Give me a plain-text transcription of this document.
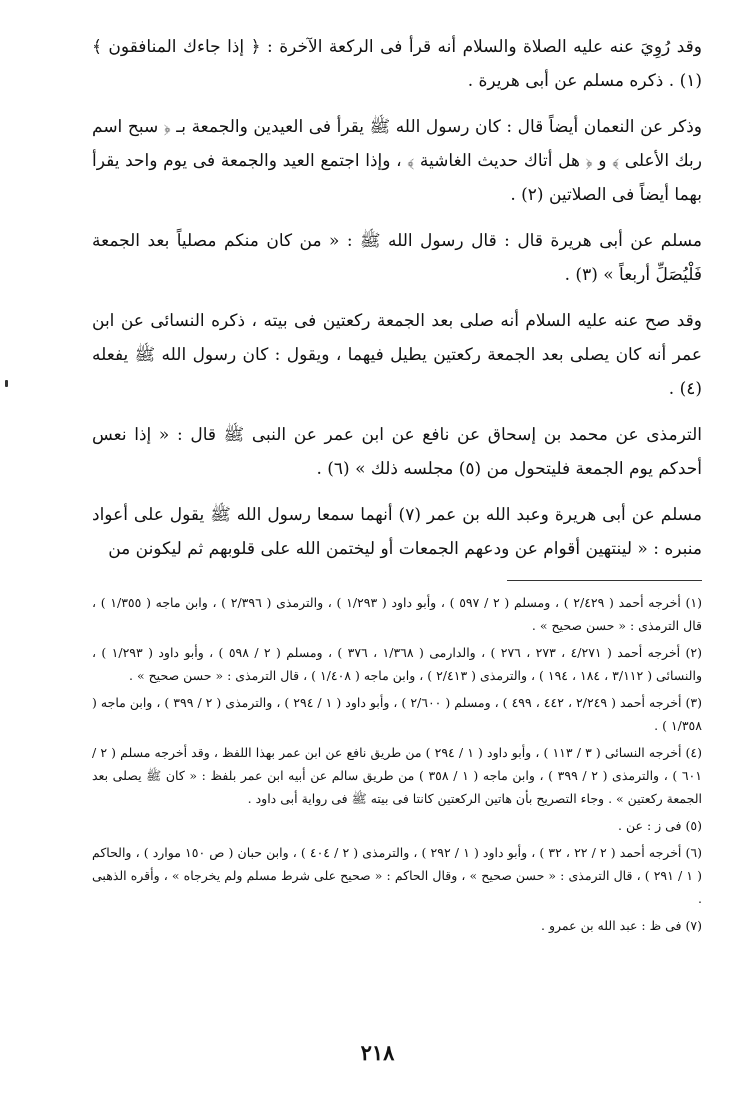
وقد رُوِيَ عنه عليه الصلاة والسلام أنه قرأ فى الركعة الآخرة : ﴿ إذا جاءك المنافقون ﴾ (١) . ذكره مسلم عن أبى هريرة .

وذكر عن النعمان أيضاً قال : كان رسول الله ﷺ يقرأ فى العيدين والجمعة بـ ﴿ سبح اسم ربك الأعلى ﴾ و ﴿ هل أتاك حديث الغاشية ﴾ ، وإذا اجتمع العيد والجمعة فى يوم واحد يقرأ بهما أيضاً فى الصلاتين (٢) .

مسلم عن أبى هريرة قال : قال رسول الله ﷺ : « من كان منكم مصلياً بعد الجمعة فَلْيُصَلِّ أربعاً » (٣) .

وقد صح عنه عليه السلام أنه صلى بعد الجمعة ركعتين فى بيته ، ذكره النسائى عن ابن عمر أنه كان يصلى بعد الجمعة ركعتين يطيل فيهما ، ويقول : كان رسول الله ﷺ يفعله (٤) .

الترمذى عن محمد بن إسحاق عن نافع عن ابن عمر عن النبى ﷺ قال : « إذا نعس أحدكم يوم الجمعة فليتحول من (٥) مجلسه ذلك » (٦) .

مسلم عن أبى هريرة وعبد الله بن عمر (٧) أنهما سمعا رسول الله ﷺ يقول على أعواد منبره : « لينتهين أقوام عن ودعهم الجمعات أو ليختمن الله على قلوبهم ثم ليكونن من

(١) أخرجه أحمد ( ٢/٤٢٩ ) ، ومسلم ( ٢ / ٥٩٧ ) ، وأبو داود ( ١/٢٩٣ ) ، والترمذى ( ٢/٣٩٦ ) ، وابن ماجه ( ١/٣٥٥ ) ، قال الترمذى : « حسن صحيح » .

(٢) أخرجه أحمد ( ٤/٢٧١ ، ٢٧٣ ، ٢٧٦ ) ، والدارمى ( ١/٣٦٨ ، ٣٧٦ ) ، ومسلم ( ٢ / ٥٩٨ ) ، وأبو داود ( ١/٢٩٣ ) ، والنسائى ( ٣/١١٢ ، ١٨٤ ، ١٩٤ ) ، والترمذى ( ٢/٤١٣ ) ، وابن ماجه ( ١/٤٠٨ ) ، قال الترمذى : « حسن صحيح » .

(٣) أخرجه أحمد ( ٢/٢٤٩ ، ٤٤٢ ، ٤٩٩ ) ، ومسلم ( ٢/٦٠٠ ) ، وأبو داود ( ١ / ٢٩٤ ) ، والترمذى ( ٢ / ٣٩٩ ) ، وابن ماجه ( ١/٣٥٨ ) .

(٤) أخرجه النسائى ( ٣ / ١١٣ ) ، وأبو داود ( ١ / ٢٩٤ ) من طريق نافع عن ابن عمر بهذا اللفظ ، وقد أخرجه مسلم ( ٢ / ٦٠١ ) ، والترمذى ( ٢ / ٣٩٩ ) ، وابن ماجه ( ١ / ٣٥٨ ) من طريق سالم عن أبيه ابن عمر بلفظ : « كان ﷺ يصلى بعد الجمعة ركعتين » . وجاء التصريح بأن هاتين الركعتين كانتا فى بيته ﷺ فى رواية أبى داود .

(٥) فى ز : عن .

(٦) أخرجه أحمد ( ٢ / ٢٢ ، ٣٢ ) ، وأبو داود ( ١ / ٢٩٢ ) ، والترمذى ( ٢ / ٤٠٤ ) ، وابن حبان ( ص ١٥٠ موارد ) ، والحاكم ( ١ / ٢٩١ ) ، قال الترمذى : « حسن صحيح » ، وقال الحاكم : « صحيح على شرط مسلم ولم يخرجاه » ، وأقره الذهبى .

(٧) فى ظ : عبد الله بن عمرو .

٢١٨
